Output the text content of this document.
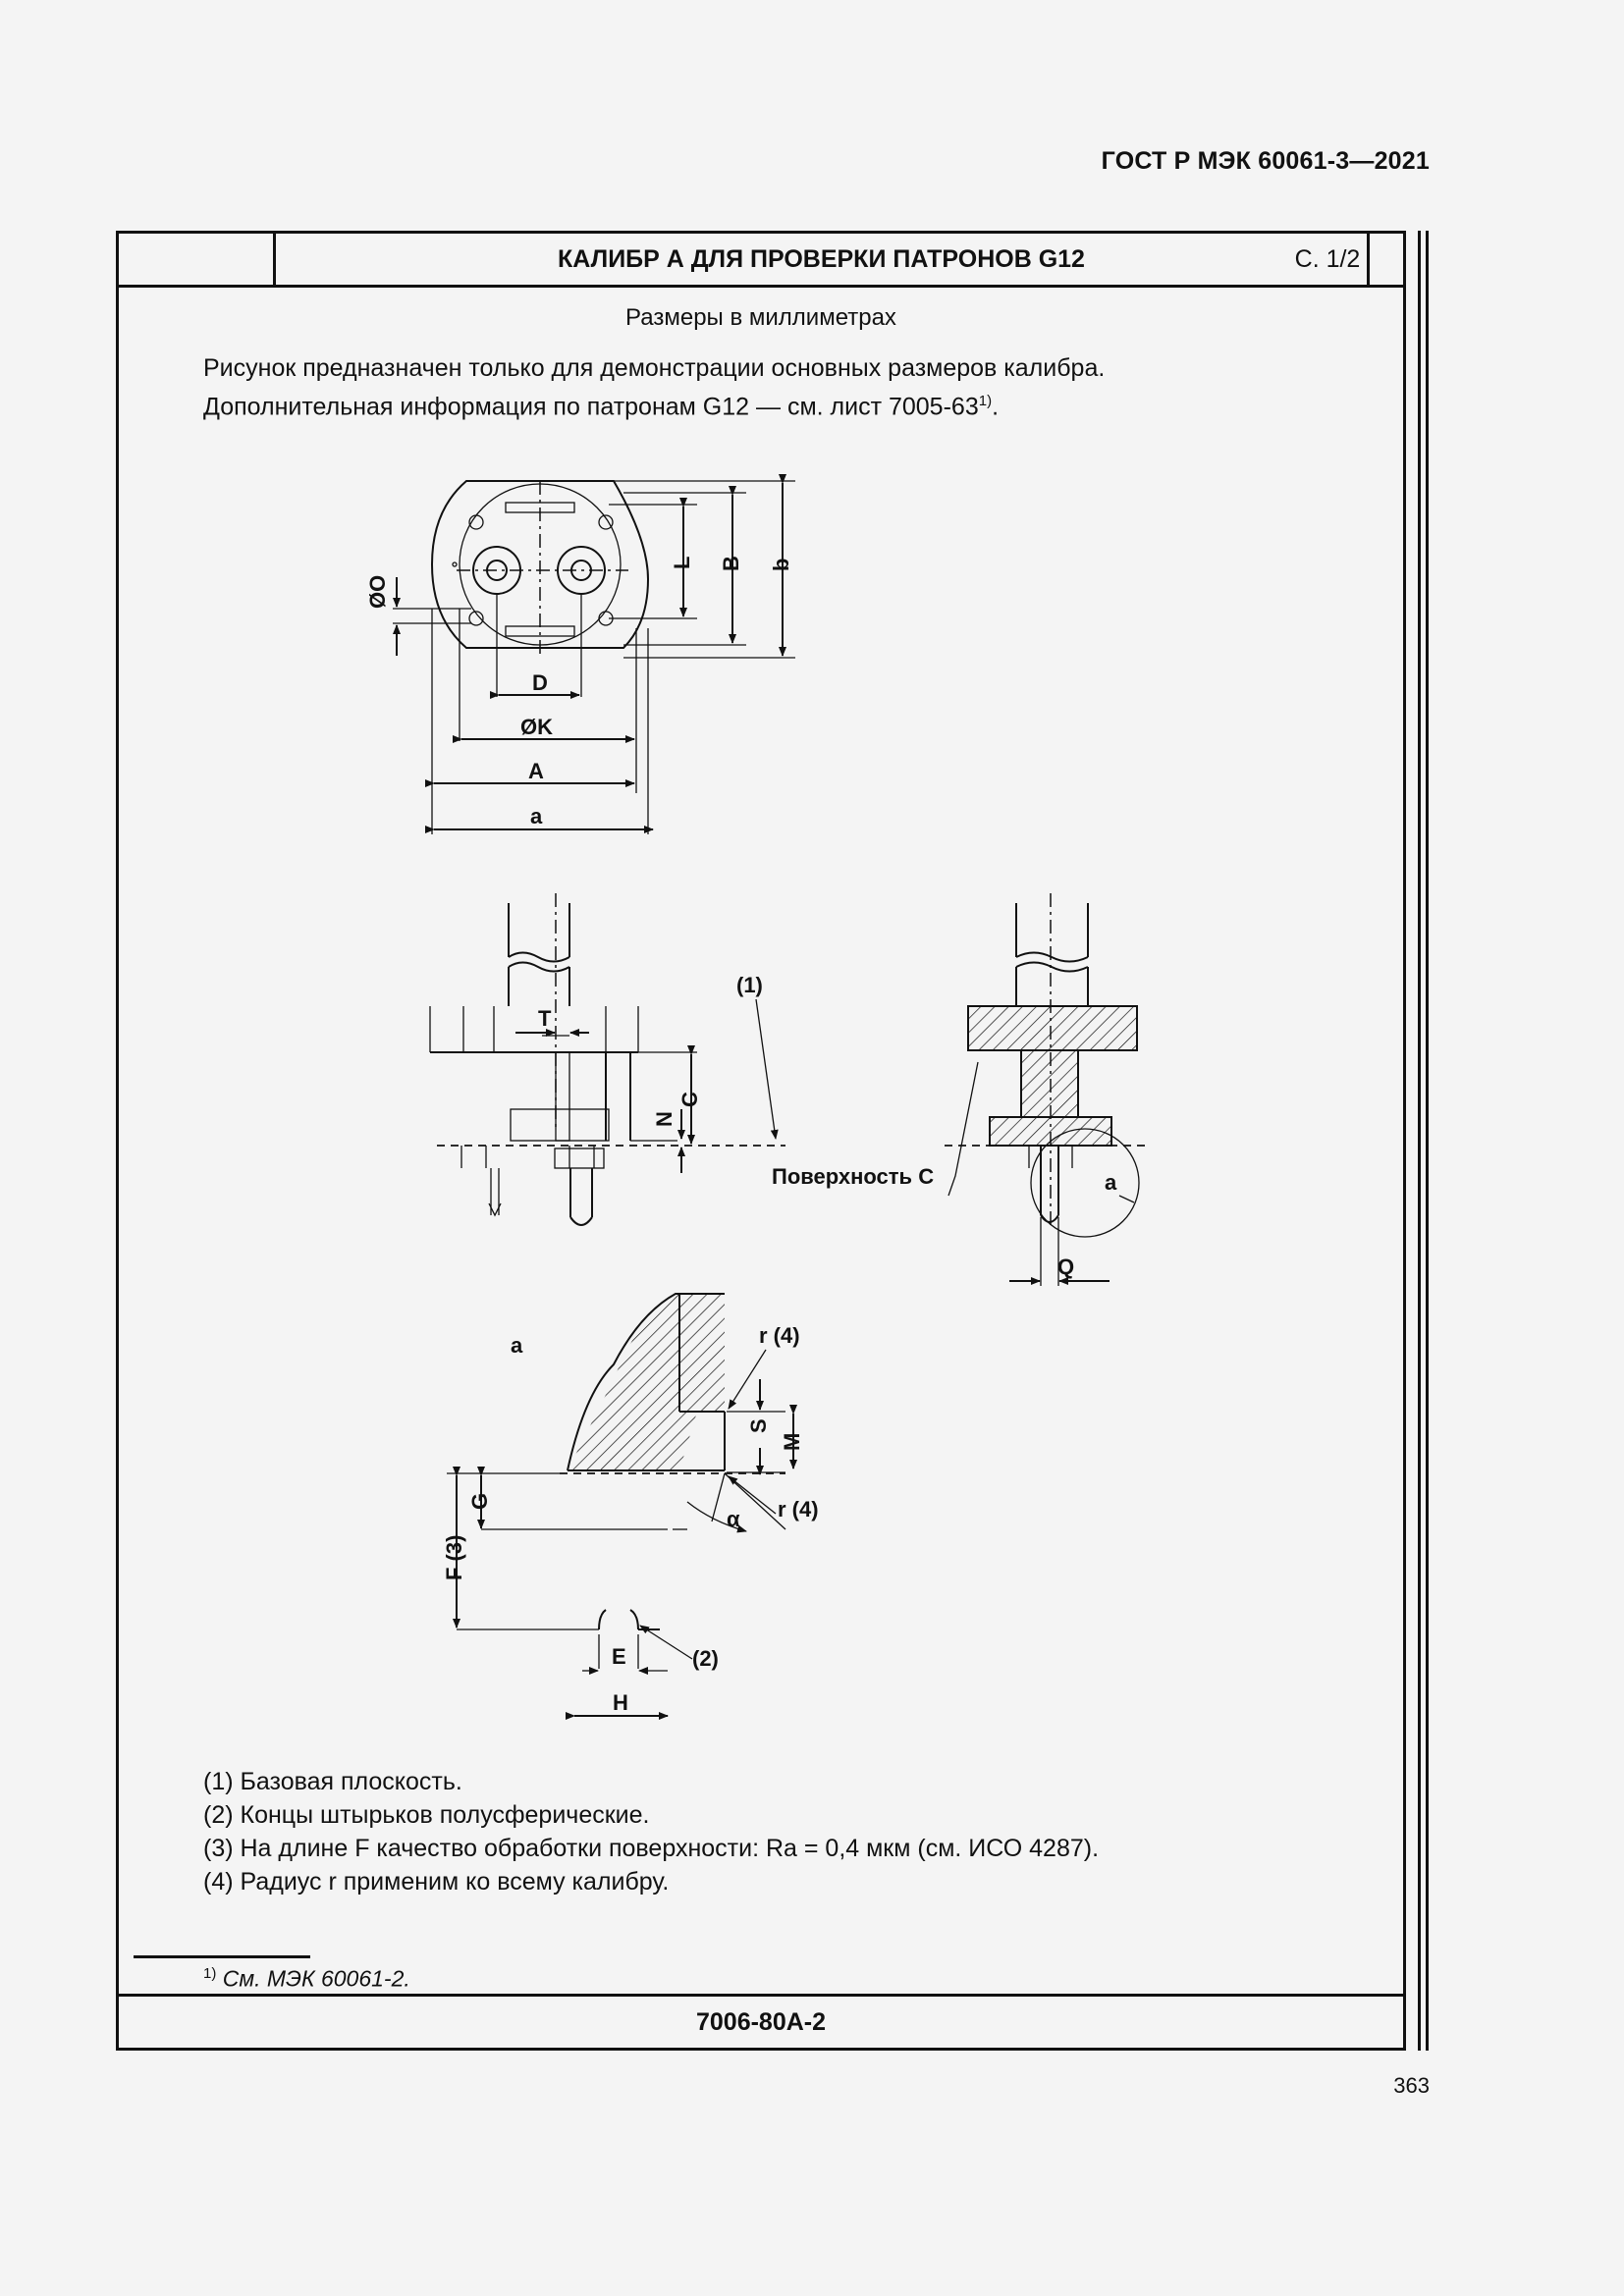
ГОСТ Р МЭК 60061-3—2021
КАЛИБР А ДЛЯ ПРОВЕРКИ ПАТРОНОВ G12	С. 1/2
Размеры в миллиметрах
Рисунок предназначен только для демонстрации основных размеров калибра.
Дополнительная информация по патронам G12 — см. лист 7005-63$^{1)}$.
(1) Базовая плоскость.
(2) Концы штырьков полусферические.
(3) На длине F качество обработки поверхности: Ra = 0,4 мкм (см. ИСО 4287).
(4) Радиус r применим ко всему калибру.
$^{1)}$ См. МЭК 60061-2.
7006-80A-2
363
L B b
ØO
D
ØK
A
a
T
C
N
(1)
Поверхность C	a
Q
a	r (4)
S
M
α r (4)
G
F (3)
E
H
(2)
